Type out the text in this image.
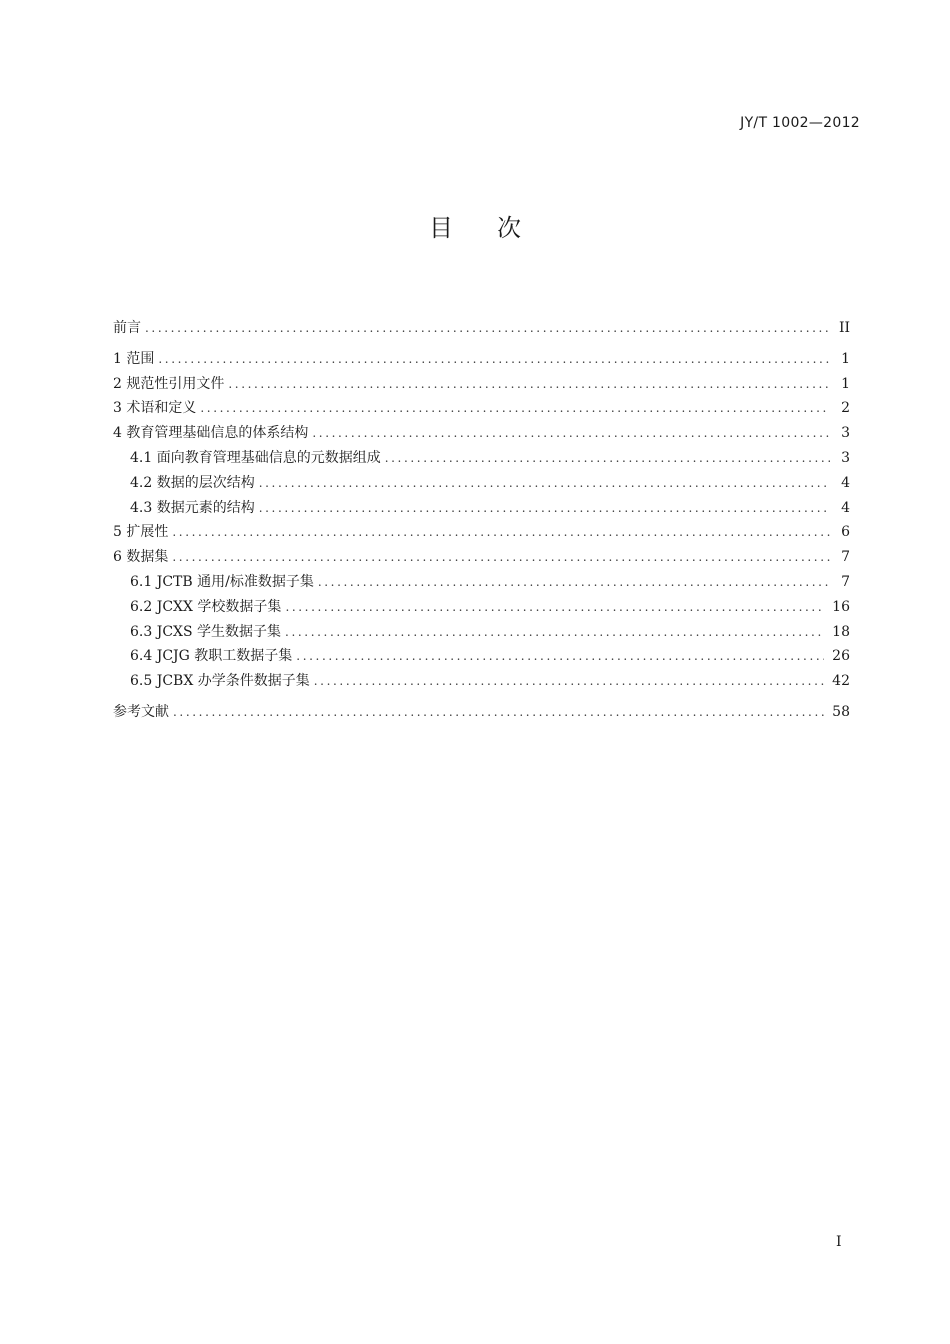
JY/T 1002—2012
目次
前言 .....	II
1 范围 .....	1
2 规范性引用文件 .....	1
3 术语和定义 .....	2
4 教育管理基础信息的体系结构 .....	3
4.1 面向教育管理基础信息的元数据组成 .....	3
4.2 数据的层次结构 .....	4
4.3 数据元素的结构 .....	4
5 扩展性 .....	6
6 数据集 .....	7
6.1 JCTB 通用/标准数据子集 .....	7
6.2 JCXX 学校数据子集 .....	16
6.3 JCXS 学生数据子集 .....	18
6.4 JCJG 教职工数据子集 .....	26
6.5 JCBX 办学条件数据子集 .....	42
参考文献 .....	58
I
